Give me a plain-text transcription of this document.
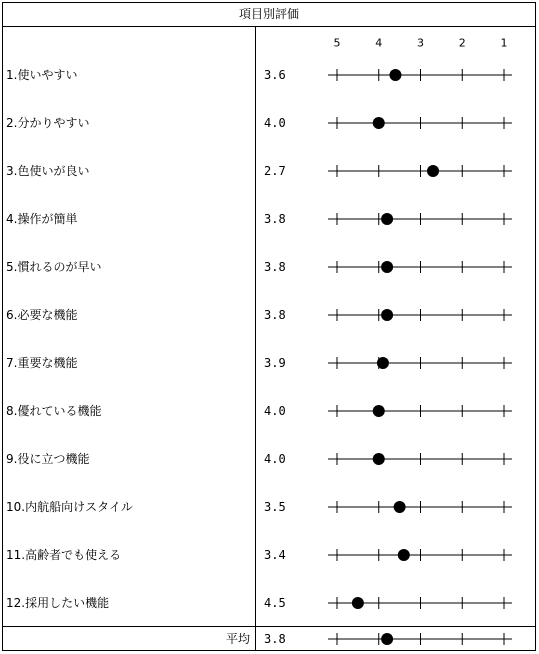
項目別評価
5	4	3	2	1
1.使いやすい	3.6
2.分かりやすい	4.0
3.色使いが良い	2.7
4.操作が簡単	3.8
5.慣れるのが早い	3.8
6.必要な機能	3.8
7.重要な機能	3.9
8.優れている機能	4.0
9.役に立つ機能	4.0
10.内航船向けスタイル	3.5
11.高齢者でも使える	3.4
12.採用したい機能	4.5
平均 3.8
